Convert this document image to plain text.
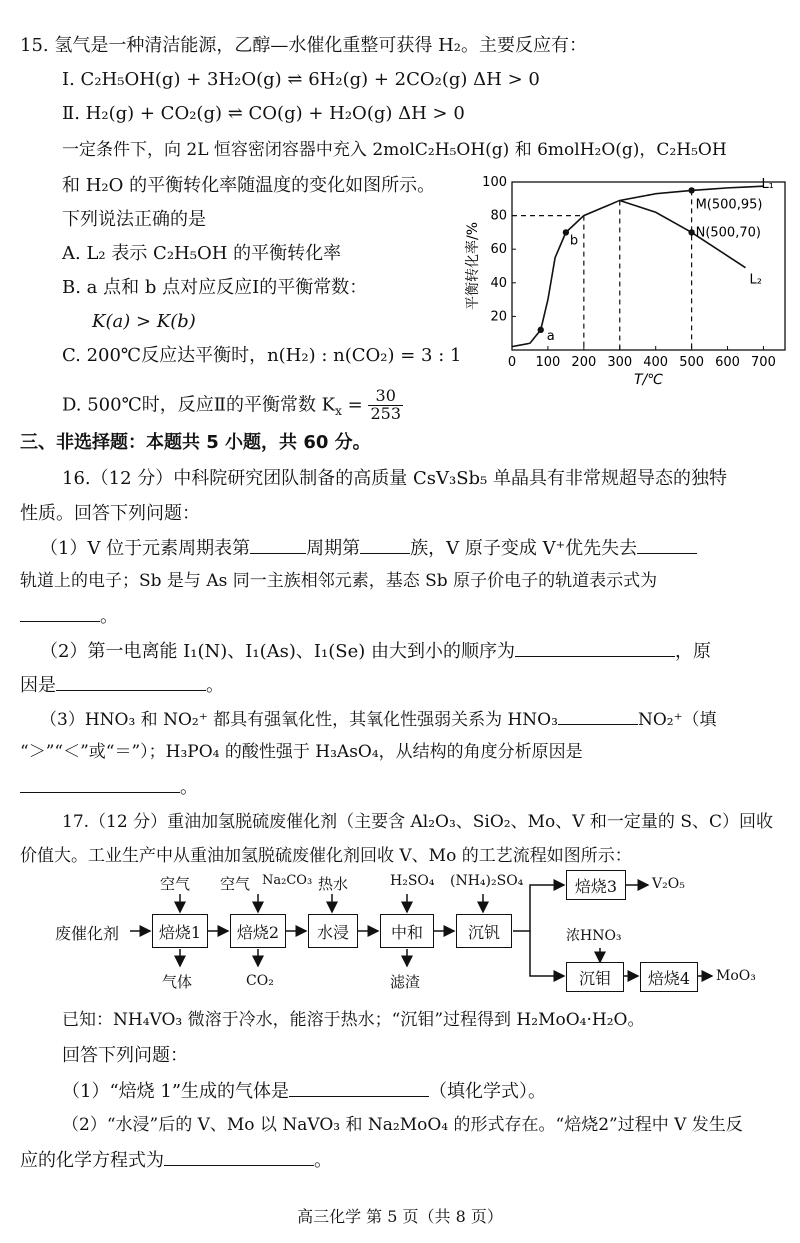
15. 氢气是一种清洁能源，乙醇—水催化重整可获得 H₂。主要反应有：
Ⅰ. C₂H₅OH(g) + 3H₂O(g) ⇌ 6H₂(g) + 2CO₂(g) ΔH > 0
Ⅱ. H₂(g) + CO₂(g) ⇌ CO(g) + H₂O(g) ΔH > 0
一定条件下，向 2L 恒容密闭容器中充入 2molC₂H₅OH(g) 和 6molH₂O(g)，C₂H₅OH
和 H₂O 的平衡转化率随温度的变化如图所示。
下列说法正确的是
A. L₂ 表示 C₂H₅OH 的平衡转化率
B. a 点和 b 点对应反应Ⅰ的平衡常数：
K(a) > K(b)
C. 200℃反应达平衡时，n(H₂) : n(CO₂) = 3 : 1
D. 500℃时，反应Ⅱ的平衡常数 $K_x = \frac{30}{253}$
20
40
60
80
100
0 100 200 300 400 500 600 700
T/℃
平衡转化率/%
L₁
L₂
a
b
M(500,95)
N(500,70)
三、非选择题：本题共 5 小题，共 60 分。
16.（12 分）中科院研究团队制备的高质量 CsV₃Sb₅ 单晶具有非常规超导态的独特
性质。回答下列问题：
（1）V 位于元素周期表第	周期第	族，V 原子变成 V⁺优先失去
轨道上的电子；Sb 是与 As 同一主族相邻元素，基态 Sb 原子价电子的轨道表示式为
。
（2）第一电离能 I₁(N)、I₁(As)、I₁(Se) 由大到小的顺序为	，原
因是	。
（3）HNO₃ 和 NO₂⁺ 都具有强氧化性，其氧化性强弱关系为 HNO₃	NO₂⁺（填
“＞”“＜”或“＝”）；H₃PO₄ 的酸性强于 H₃AsO₄，从结构的角度分析原因是
。
17.（12 分）重油加氢脱硫废催化剂（主要含 Al₂O₃、SiO₂、Mo、V 和一定量的 S、C）回收
价值大。工业生产中从重油加氢脱硫废催化剂回收 V、Mo 的工艺流程如图所示：
废催化剂	焙烧1	焙烧2	水浸	中和	沉钒
焙烧3
沉钼	焙烧4
空气 空气 Na₂CO₃ 热水	H₂SO₄ (NH₄)₂SO₄
浓HNO₃
气体	CO₂	滤渣
V₂O₅
MoO₃
已知：NH₄VO₃ 微溶于冷水，能溶于热水；“沉钼”过程得到 H₂MoO₄·H₂O。
回答下列问题：
（1）“焙烧 1”生成的气体是	（填化学式）。
（2）“水浸”后的 V、Mo 以 NaVO₃ 和 Na₂MoO₄ 的形式存在。“焙烧2”过程中 V 发生反
应的化学方程式为	。
高三化学 第 5 页（共 8 页）
